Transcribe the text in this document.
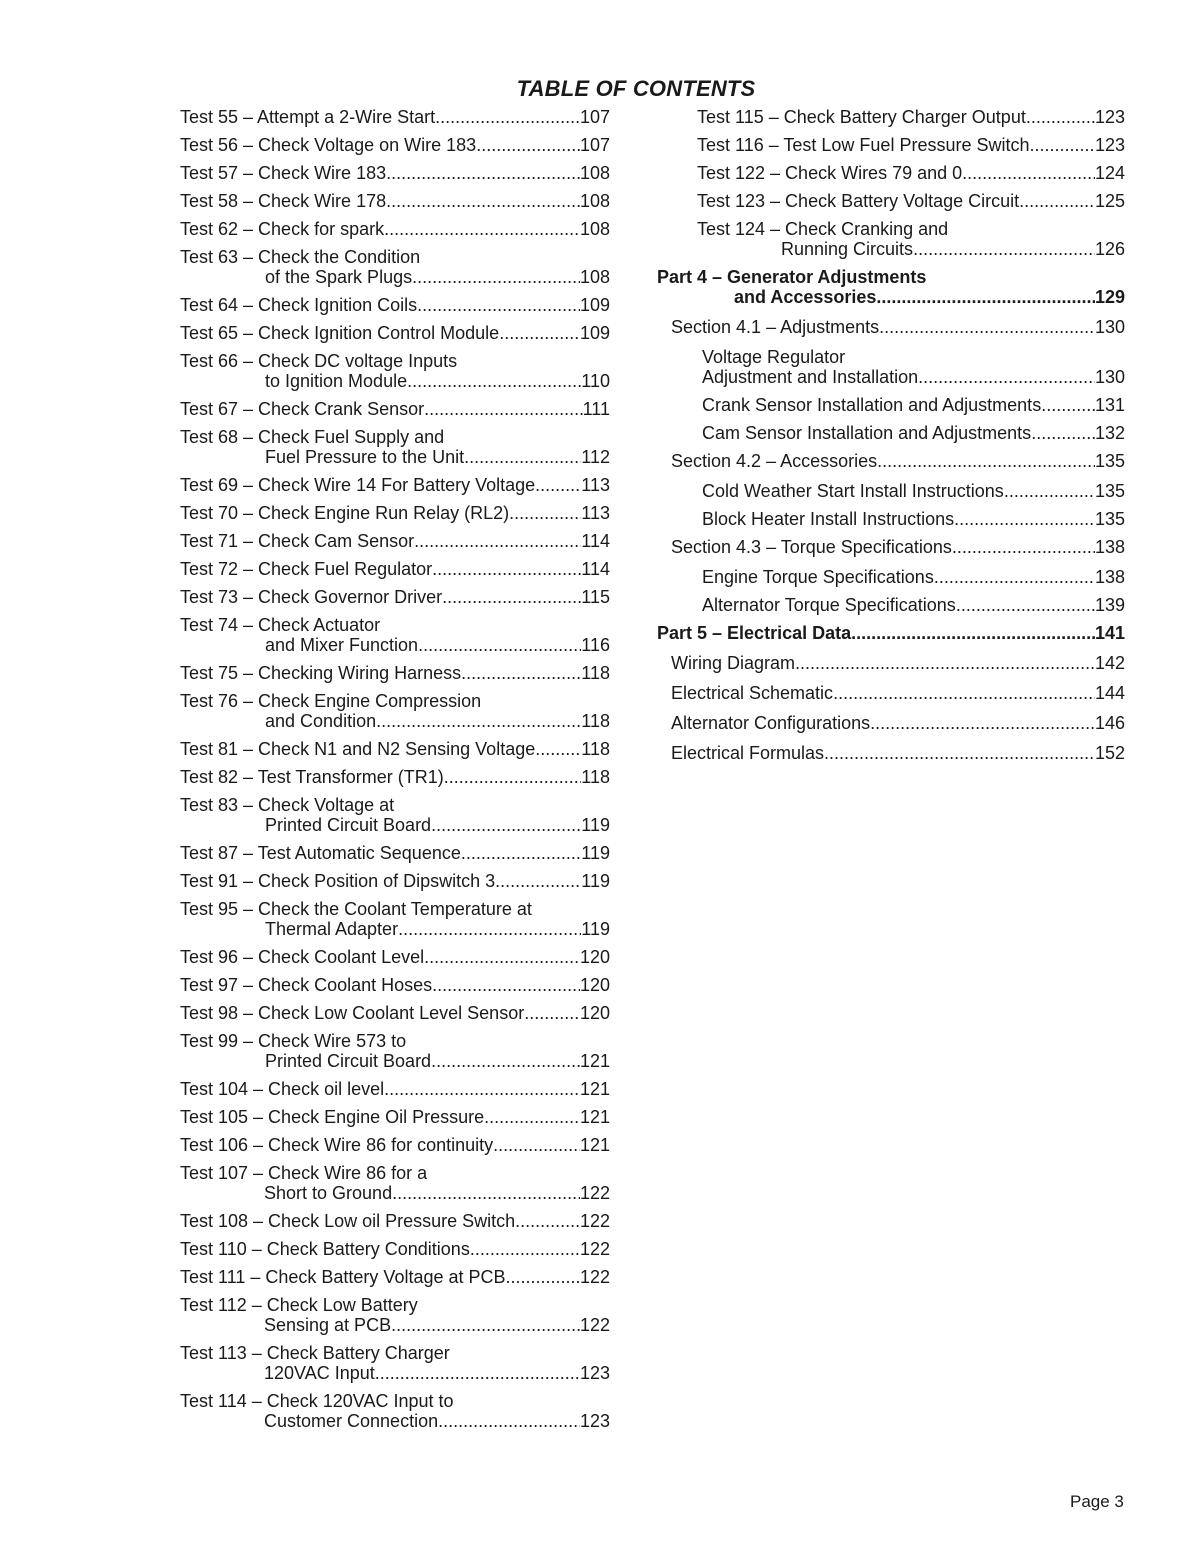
TABLE OF CONTENTS
Test 55 – Attempt a 2-Wire Start .....	107
Test 56 – Check Voltage on Wire 183 .....	107
Test 57 – Check Wire 183 .....	108
Test 58 – Check Wire 178 .....	108
Test 62 – Check for spark .....	108
Test 63 – Check the Condition
of the Spark Plugs .....	108
Test 64 – Check Ignition Coils .....	109
Test 65 – Check Ignition Control Module .....	109
Test 66 – Check DC voltage Inputs
to Ignition Module .....	110
Test 67 – Check Crank Sensor .....	111
Test 68 – Check Fuel Supply and
Fuel Pressure to the Unit .....	112
Test 69 – Check Wire 14 For Battery Voltage .....	113
Test 70 – Check Engine Run Relay (RL2) .....	113
Test 71 – Check Cam Sensor .....	114
Test 72 – Check Fuel Regulator .....	114
Test 73 – Check Governor Driver .....	115
Test 74 – Check Actuator
and Mixer Function .....	116
Test 75 – Checking Wiring Harness .....	118
Test 76 – Check Engine Compression
and Condition .....	118
Test 81 – Check N1 and N2 Sensing Voltage .....	118
Test 82 – Test Transformer (TR1) .....	118
Test 83 – Check Voltage at
Printed Circuit Board .....	119
Test 87 – Test Automatic Sequence .....	119
Test 91 – Check Position of Dipswitch 3 .....	119
Test 95 – Check the Coolant Temperature at
Thermal Adapter .....	119
Test 96 – Check Coolant Level .....	120
Test 97 – Check Coolant Hoses .....	120
Test 98 – Check Low Coolant Level Sensor .....	120
Test 99 – Check Wire 573 to
Printed Circuit Board .....	121
Test 104 – Check oil level .....	121
Test 105 – Check Engine Oil Pressure .....	121
Test 106 – Check Wire 86 for continuity .....	121
Test 107 – Check Wire 86 for a
Short to Ground .....	122
Test 108 – Check Low oil Pressure Switch .....	122
Test 110 – Check Battery Conditions .....	122
Test 111 – Check Battery Voltage at PCB .....	122
Test 112 – Check Low Battery
Sensing at PCB .....	122
Test 113 – Check Battery Charger
120VAC Input .....	123
Test 114 – Check 120VAC Input to
Customer Connection .....	123
Test 115 – Check Battery Charger Output .....	123
Test 116 – Test Low Fuel Pressure Switch .....	123
Test 122 – Check Wires 79 and 0 .....	124
Test 123 – Check Battery Voltage Circuit .....	125
Test 124 – Check Cranking and
Running Circuits .....	126
Part 4 – Generator Adjustments
and Accessories .....	129
Section 4.1 – Adjustments .....	130
Voltage Regulator
Adjustment and Installation .....	130
Crank Sensor Installation and Adjustments .....	131
Cam Sensor Installation and Adjustments .....	132
Section 4.2 – Accessories .....	135
Cold Weather Start Install Instructions .....	135
Block Heater Install Instructions .....	135
Section 4.3 – Torque Specifications .....	138
Engine Torque Specifications .....	138
Alternator Torque Specifications .....	139
Part 5 – Electrical Data .....	141
Wiring Diagram .....	142
Electrical Schematic .....	144
Alternator Configurations .....	146
Electrical Formulas .....	152
Page 3
